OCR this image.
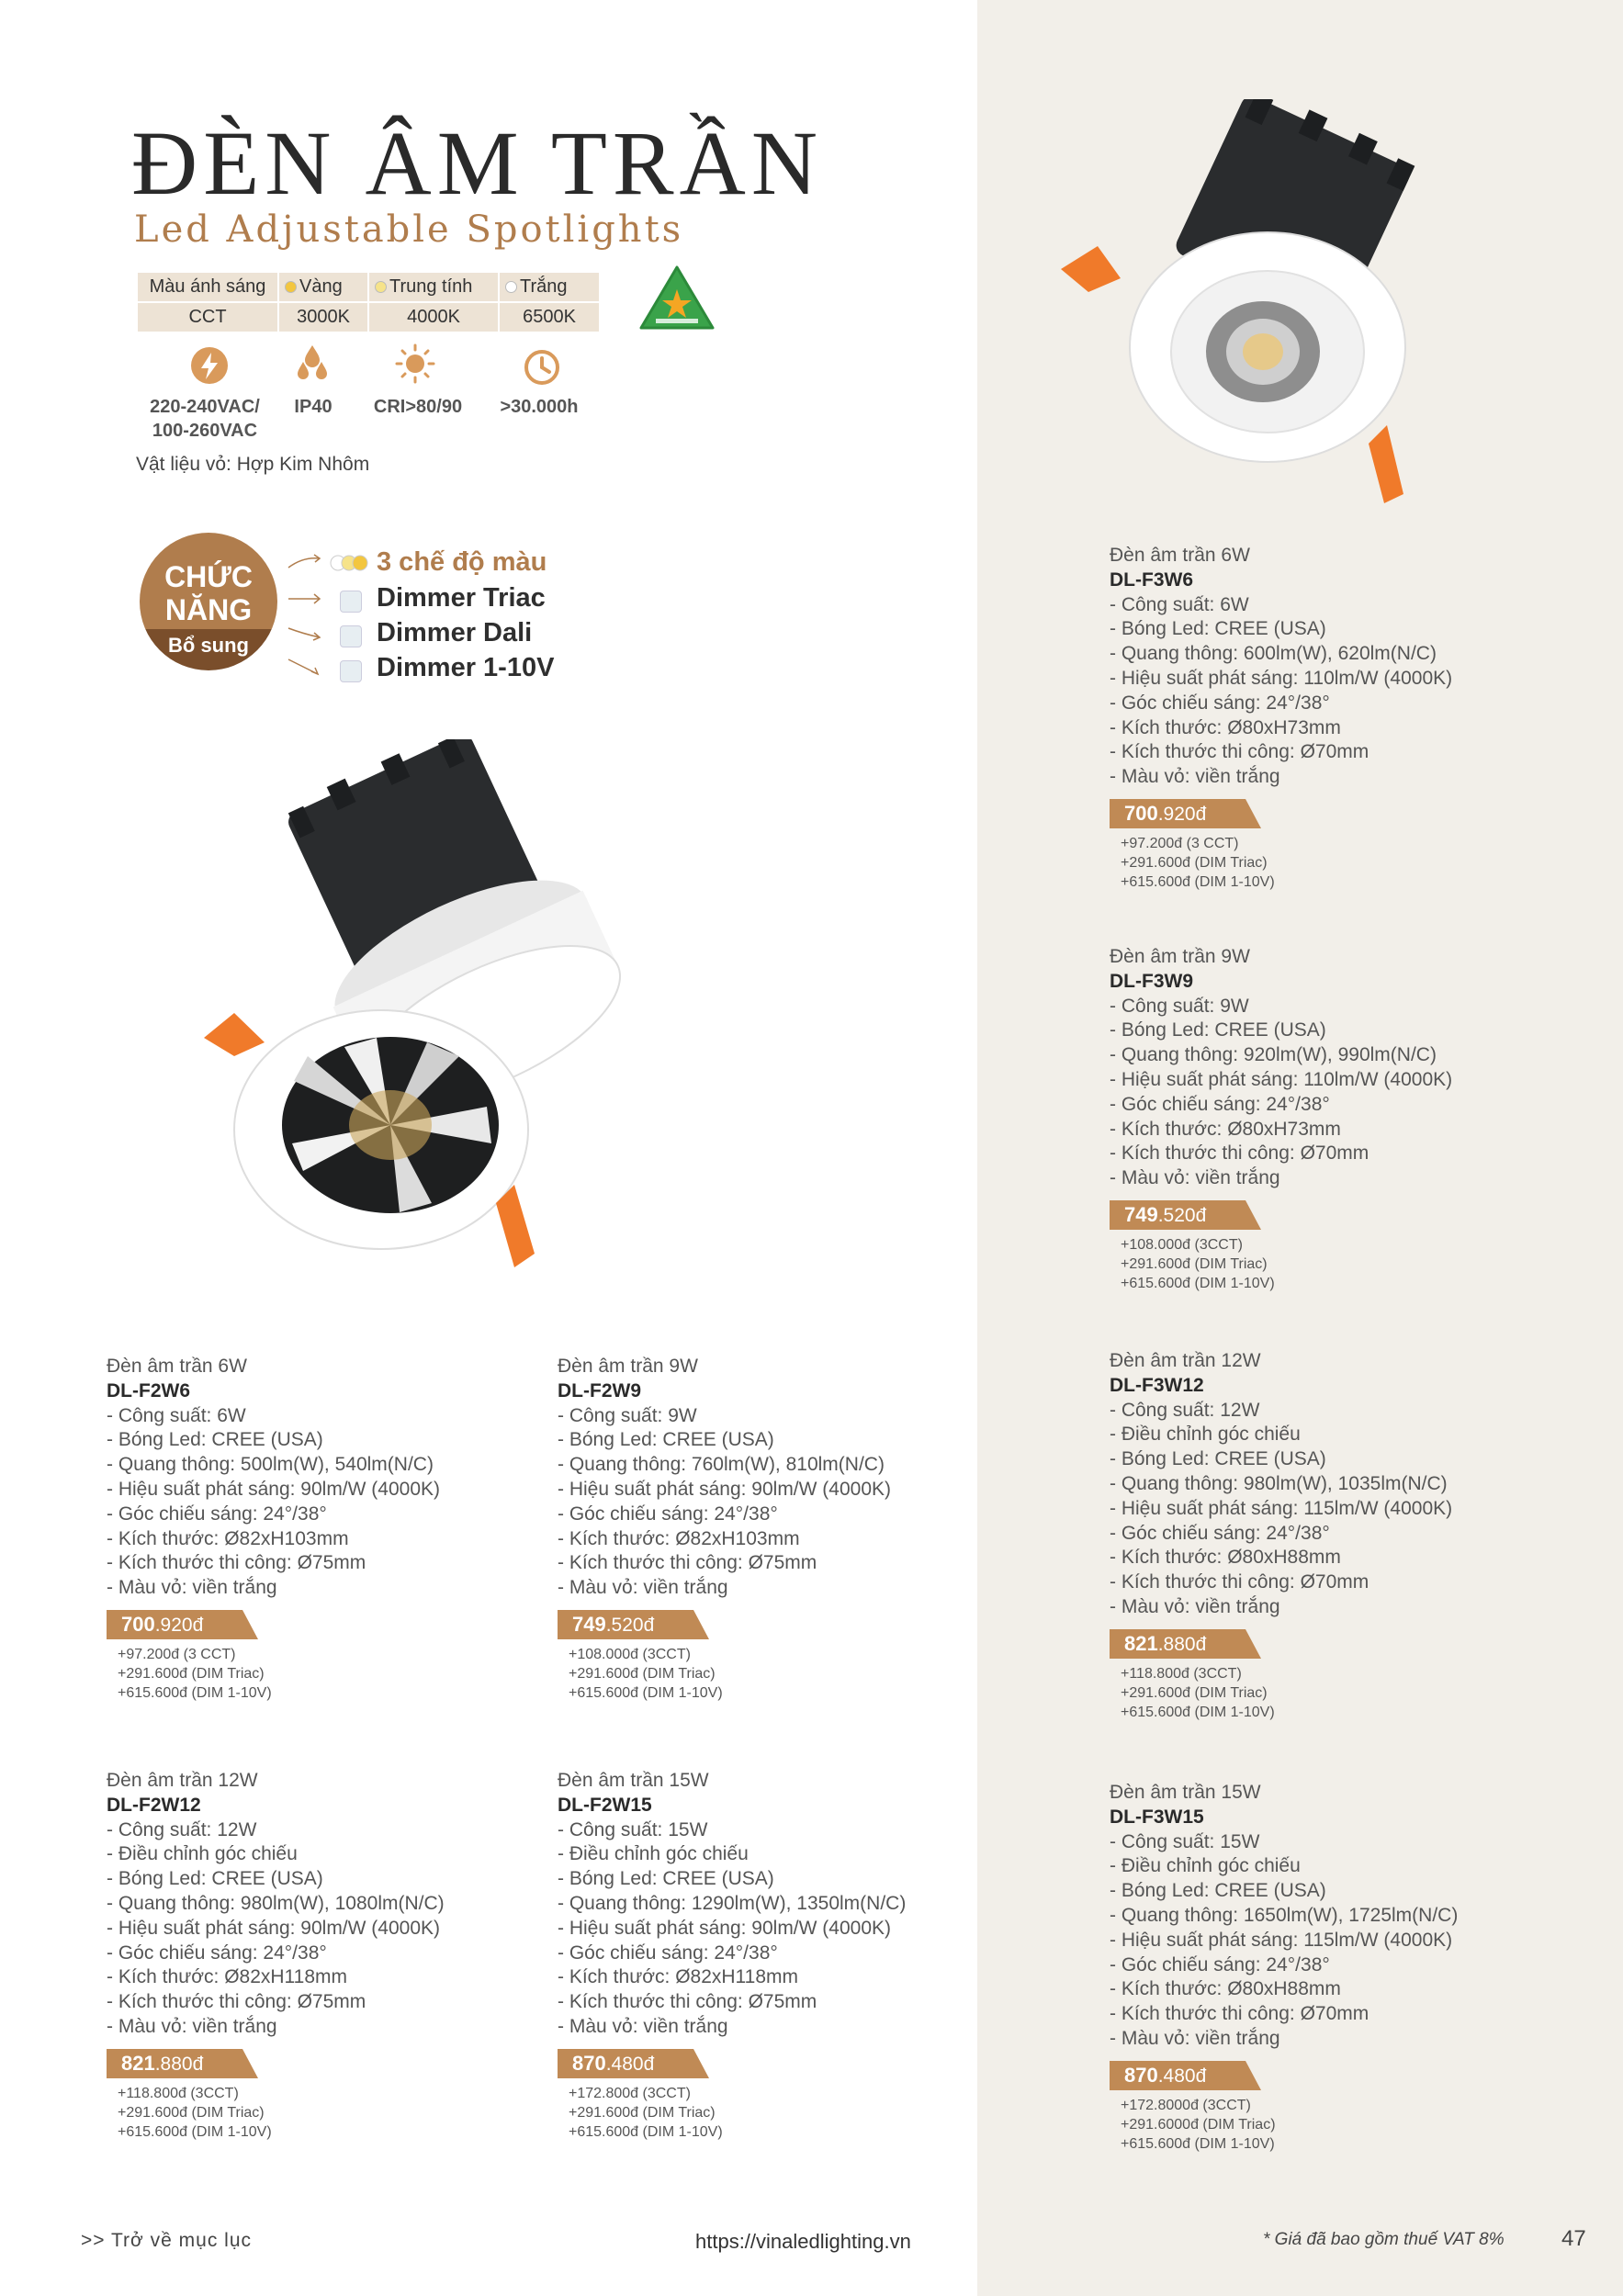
ĐÈN ÂM TRẦN
Led Adjustable Spotlights
Màu ánh sáng	Vàng	Trung tính	Trắng
CCT	3000K	4000K	6500K
220-240VAC/
100-260VAC
IP40	CRI>80/90	>30.000h
Vật liệu vỏ: Hợp Kim Nhôm
CHỨC
NĂNG
Bổ sung
3 chế độ màu
Dimmer Triac
Dimmer Dali
Dimmer 1-10V
Đèn âm trần 6W
DL-F3W6
- Công suất: 6W
- Bóng Led: CREE (USA)
- Quang thông: 600lm(W), 620lm(N/C)
- Hiệu suất phát sáng: 110lm/W (4000K)
- Góc chiếu sáng: 24°/38°
- Kích thước: Ø80xH73mm
- Kích thước thi công: Ø70mm
- Màu vỏ: viền trắng
700.920đ
+97.200đ (3 CCT)
+291.600đ (DIM Triac)
+615.600đ (DIM 1-10V)
Đèn âm trần 9W
DL-F3W9
- Công suất: 9W
- Bóng Led: CREE (USA)
- Quang thông: 920lm(W), 990lm(N/C)
- Hiệu suất phát sáng: 110lm/W (4000K)
- Góc chiếu sáng: 24°/38°
- Kích thước: Ø80xH73mm
- Kích thước thi công: Ø70mm
- Màu vỏ: viền trắng
749.520đ
+108.000đ (3CCT)
+291.600đ (DIM Triac)
+615.600đ (DIM 1-10V)
Đèn âm trần 6W
DL-F2W6
- Công suất: 6W
- Bóng Led: CREE (USA)
- Quang thông: 500lm(W), 540lm(N/C)
- Hiệu suất phát sáng: 90lm/W (4000K)
- Góc chiếu sáng: 24°/38°
- Kích thước: Ø82xH103mm
- Kích thước thi công: Ø75mm
- Màu vỏ: viền trắng
700.920đ
+97.200đ (3 CCT)
+291.600đ (DIM Triac)
+615.600đ (DIM 1-10V)
Đèn âm trần 9W
DL-F2W9
- Công suất: 9W
- Bóng Led: CREE (USA)
- Quang thông: 760lm(W), 810lm(N/C)
- Hiệu suất phát sáng: 90lm/W (4000K)
- Góc chiếu sáng: 24°/38°
- Kích thước: Ø82xH103mm
- Kích thước thi công: Ø75mm
- Màu vỏ: viền trắng
749.520đ
+108.000đ (3CCT)
+291.600đ (DIM Triac)
+615.600đ (DIM 1-10V)
Đèn âm trần 12W
DL-F3W12
- Công suất: 12W
- Điều chỉnh góc chiếu
- Bóng Led: CREE (USA)
- Quang thông: 980lm(W), 1035lm(N/C)
- Hiệu suất phát sáng: 115lm/W (4000K)
- Góc chiếu sáng: 24°/38°
- Kích thước: Ø80xH88mm
- Kích thước thi công: Ø70mm
- Màu vỏ: viền trắng
821.880đ
+118.800đ (3CCT)
+291.600đ (DIM Triac)
+615.600đ (DIM 1-10V)
Đèn âm trần 12W
DL-F2W12
- Công suất: 12W
- Điều chỉnh góc chiếu
- Bóng Led: CREE (USA)
- Quang thông: 980lm(W), 1080lm(N/C)
- Hiệu suất phát sáng: 90lm/W (4000K)
- Góc chiếu sáng: 24°/38°
- Kích thước: Ø82xH118mm
- Kích thước thi công: Ø75mm
- Màu vỏ: viền trắng
821.880đ
+118.800đ (3CCT)
+291.600đ (DIM Triac)
+615.600đ (DIM 1-10V)
Đèn âm trần 15W
DL-F2W15
- Công suất: 15W
- Điều chỉnh góc chiếu
- Bóng Led: CREE (USA)
- Quang thông: 1290lm(W), 1350lm(N/C)
- Hiệu suất phát sáng: 90lm/W (4000K)
- Góc chiếu sáng: 24°/38°
- Kích thước: Ø82xH118mm
- Kích thước thi công: Ø75mm
- Màu vỏ: viền trắng
870.480đ
+172.800đ (3CCT)
+291.600đ (DIM Triac)
+615.600đ (DIM 1-10V)
Đèn âm trần 15W
DL-F3W15
- Công suất: 15W
- Điều chỉnh góc chiếu
- Bóng Led: CREE (USA)
- Quang thông: 1650lm(W), 1725lm(N/C)
- Hiệu suất phát sáng: 115lm/W (4000K)
- Góc chiếu sáng: 24°/38°
- Kích thước: Ø80xH88mm
- Kích thước thi công: Ø70mm
- Màu vỏ: viền trắng
870.480đ
+172.8000đ (3CCT)
+291.6000đ (DIM Triac)
+615.600đ (DIM 1-10V)
>> Trở về mục lục	https://vinaledlighting.vn	* Giá đã bao gồm thuế VAT 8%	47
